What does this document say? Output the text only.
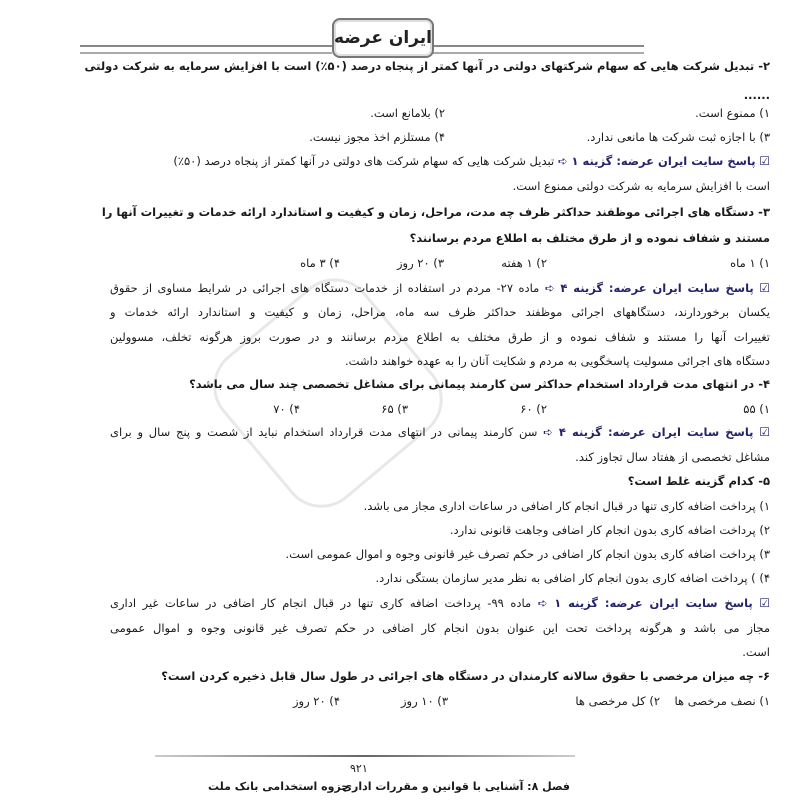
ایران عرضه
۲- تبدیل شرکت هایی که سهام شرکتهای دولتی در آنها کمتر از پنجاه درصد (۵۰٪) است با افزایش سرمایه به شرکت دولتی
......
۱) ممنوع است.
۲) بلامانع است.
۳) با اجازه ثبت شرکت ها مانعی ندارد.
۴) مستلزم اخذ مجوز نیست.
☑ پاسخ سایت ایران عرضه: گزینه ۱ ➪ تبدیل شرکت هایی که سهام شرکت های دولتی در آنها کمتر از پنجاه درصد (۵۰٪)
است با افزایش سرمایه به شرکت دولتی ممنوع است.
۳- دستگاه های اجرائی موظفند حداکثر ظرف چه مدت، مراحل، زمان و کیفیت و استاندارد ارائه خدمات و تغییرات آنها را
مستند و شفاف نموده و از طرق مختلف به اطلاع مردم برسانند؟
۱) ۱ ماه
۲) ۱ هفته
۳) ۲۰ روز
۴) ۳ ماه
☑ پاسخ سایت ایران عرضه: گزینه ۴ ➪ ماده ۲۷- مردم در استفاده از خدمات دستگاه های اجرائی در شرایط مساوی از حقوق
یکسان برخوردارند، دستگاههای اجرائی موظفند حداکثر ظرف سه ماه، مراحل، زمان و کیفیت و استاندارد ارائه خدمات و
تغییرات آنها را مستند و شفاف نموده و از طرق مختلف به اطلاع مردم برسانند و در صورت بروز هرگونه تخلف، مسوولین
دستگاه های اجرائی مسولیت پاسخگویی به مردم و شکایت آنان را به عهده خواهند داشت.
۴- در انتهای مدت قرارداد استخدام حداکثر سن کارمند پیمانی برای مشاغل تخصصی چند سال می باشد؟
۱) ۵۵
۲) ۶۰
۳) ۶۵
۴) ۷۰
☑ پاسخ سایت ایران عرضه: گزینه ۴ ➪ سن کارمند پیمانی در انتهای مدت قرارداد استخدام نباید از شصت و پنج سال و برای
مشاغل تخصصی از هفتاد سال تجاوز کند.
۵- کدام گزینه غلط است؟
۱) پرداخت اضافه کاری تنها در قبال انجام کار اضافی در ساعات اداری مجاز می باشد.
۲) پرداخت اضافه کاری بدون انجام کار اضافی وجاهت قانونی ندارد.
۳) پرداخت اضافه کاری بدون انجام کار اضافی در حکم تصرف غیر قانونی وجوه و اموال عمومی است.
۴) ) پرداخت اضافه کاری بدون انجام کار اضافی به نظر مدیر سازمان بستگی ندارد.
☑ پاسخ سایت ایران عرضه: گزینه ۱ ➪ ماده ۹۹- پرداخت اضافه کاری تنها در قبال انجام کار اضافی در ساعات غیر اداری
مجاز می باشد و هرگونه پرداخت تحت این عنوان بدون انجام کار اضافی در حکم تصرف غیر قانونی وجوه و اموال عمومی
است.
۶- چه میزان مرخصی با حقوق سالانه کارمندان در دستگاه های اجرائی در طول سال قابل ذخیره کردن است؟
۱) نصف مرخصی ها
۲) کل مرخصی ها
۳) ۱۰ روز
۴) ۲۰ روز
۹۲۱
فصل ۸: آشنایی با قوانین و مقررات اداری
جزوه استخدامی بانک ملت
